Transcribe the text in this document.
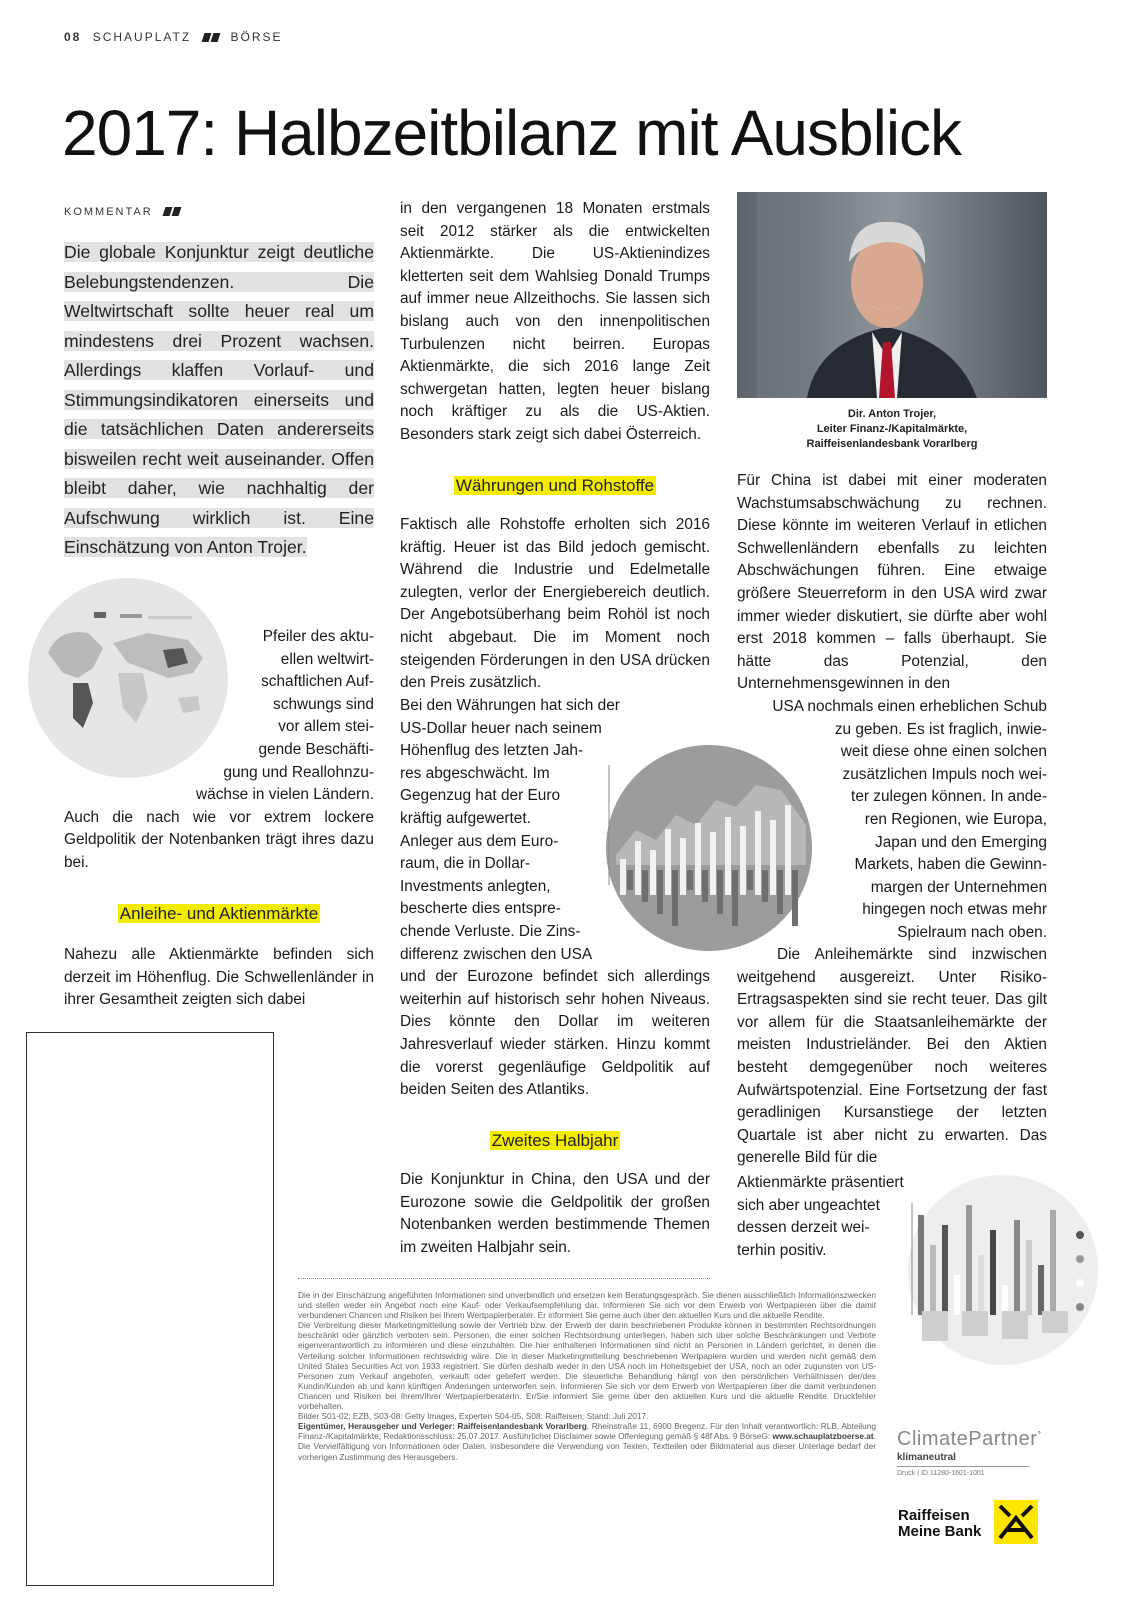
08 SCHAUPLATZ	BÖRSE
2017: Halbzeitbilanz mit Ausblick
KOMMENTAR
Die globale Konjunktur zeigt deutliche Belebungstendenzen. Die Weltwirtschaft sollte heuer real um mindestens drei Prozent wachsen. Allerdings klaffen Vorlauf- und Stimmungsindikatoren einerseits und die tatsächlichen Daten andererseits bisweilen recht weit auseinander. Offen bleibt daher, wie nachhaltig der Aufschwung wirklich ist. Eine Einschätzung von Anton Trojer.
Pfeiler des aktu-
ellen weltwirt-
schaftlichen Auf-
schwungs sind
vor allem stei-
gende Beschäfti-
gung und Reallohnzu-
wächse in vielen Ländern.
Auch die nach wie vor extrem lockere Geldpolitik der Notenbanken trägt ihres dazu bei.
Anleihe- und Aktienmärkte
Nahezu alle Aktienmärkte befinden sich derzeit im Höhenflug. Die Schwellenländer in ihrer Gesamtheit zeigten sich dabei
in den vergangenen 18 Monaten erstmals seit 2012 stärker als die entwickelten Aktienmärkte. Die US-Aktienindizes kletterten seit dem Wahlsieg Donald Trumps auf immer neue Allzeithochs. Sie lassen sich bislang auch von den innenpolitischen Turbulenzen nicht beirren. Europas Aktienmärkte, die sich 2016 lange Zeit schwergetan hatten, legten heuer bislang noch kräftiger zu als die US-Aktien. Besonders stark zeigt sich dabei Österreich.
Währungen und Rohstoffe
Faktisch alle Rohstoffe erholten sich 2016 kräftig. Heuer ist das Bild jedoch gemischt. Während die Industrie und Edelmetalle zulegten, verlor der Energiebereich deutlich. Der Angebotsüberhang beim Rohöl ist noch nicht abgebaut. Die im Moment noch steigenden Förderungen in den USA drücken den Preis zusätzlich.
Bei den Währungen hat sich der
US-Dollar heuer nach seinem
Höhenflug des letzten Jah-
res abgeschwächt. Im
Gegenzug hat der Euro
kräftig aufgewertet.
Anleger aus dem Euro-
raum, die in Dollar-
Investments anlegten,
bescherte dies entspre-
chende Verluste. Die Zins-
differenz zwischen den USA
und der Eurozone befindet sich allerdings weiterhin auf historisch sehr hohen Niveaus. Dies könnte den Dollar im weiteren Jahresverlauf wieder stärken. Hinzu kommt die vorerst gegenläufige Geldpolitik auf beiden Seiten des Atlantiks.
Zweites Halbjahr
Die Konjunktur in China, den USA und der Eurozone sowie die Geldpolitik der großen Notenbanken werden bestimmende Themen im zweiten Halbjahr sein.
Dir. Anton Trojer,
Leiter Finanz-/Kapitalmärkte,
Raiffeisenlandesbank Vorarlberg
Für China ist dabei mit einer moderaten Wachstumsabschwächung zu rechnen. Diese könnte im weiteren Verlauf in etlichen Schwellenländern ebenfalls zu leichten Abschwächungen führen. Eine etwaige größere Steuerreform in den USA wird zwar immer wieder diskutiert, sie dürfte aber wohl erst 2018 kommen – falls überhaupt. Sie hätte das Potenzial, den Unternehmensgewinnen in den
USA nochmals einen erheblichen Schub
zu geben. Es ist fraglich, inwie-
weit diese ohne einen solchen
zusätzlichen Impuls noch wei-
ter zulegen können. In ande-
ren Regionen, wie Europa,
Japan und den Emerging
Markets, haben die Gewinn-
margen der Unternehmen
hingegen noch etwas mehr
Spielraum nach oben.
Die Anleihemärkte sind inzwischen weitgehend ausgereizt. Unter Risiko-Ertragsaspekten sind sie recht teuer. Das gilt vor allem für die Staatsanleihemärkte der meisten Industrieländer. Bei den Aktien besteht demgegenüber noch weiteres Aufwärtspotenzial. Eine Fortsetzung der fast geradlinigen Kursanstiege der letzten Quartale ist aber nicht zu erwarten. Das generelle Bild für die
Aktienmärkte präsentiert
sich aber ungeachtet
dessen derzeit wei-
terhin positiv.

Die in der Einschätzung angeführten Informationen sind unverbindlich und ersetzen kein Beratungsgespräch. Sie dienen ausschließlich Informationszwecken und stellen weder ein Angebot noch eine Kauf- oder Verkaufsempfehlung dar. Informieren Sie sich vor dem Erwerb von Wertpapieren über die damit verbundenen Chancen und Risiken bei Ihrem Wertpapierberater. Er informiert Sie gerne auch über den aktuellen Kurs und die aktuelle Rendite.

Die Verbreitung dieser Marketingmitteilung sowie der Vertrieb bzw. der Erwerb der darin beschriebenen Produkte können in bestimmten Rechtsordnungen beschränkt oder gänzlich verboten sein. Personen, die einer solchen Rechtsordnung unterliegen, haben sich über solche Beschränkungen und Verbote eigenverantwortlich zu informieren und diese einzuhalten. Die hier enthaltenen Informationen sind nicht an Personen in Ländern gerichtet, in denen die Verteilung solcher Informationen rechtswidrig wäre. Die in dieser Marketingmitteilung beschriebenen Wertpapiere wurden und werden nicht gemäß dem United States Securities Act von 1933 registriert. Sie dürfen deshalb weder in den USA noch im Hoheitsgebiet der USA, noch an oder zugunsten von US-Personen zum Verkauf angeboten, verkauft oder geliefert werden. Die steuerliche Behandlung hängt von den persönlichen Verhältnissen der/des Kundin/Kunden ab und kann künftigen Änderungen unterworfen sein. Informieren Sie sich vor dem Erwerb von Wertpapieren über die damit verbundenen Chancen und Risiken bei Ihrem/Ihrer WertpapierberaterIn. Er/Sie informiert Sie gerne über den aktuellen Kurs und die aktuelle Rendite. Druckfehler vorbehalten.

Bilder S01-02: EZB, S03-08: Getty Images, Experten S04-05, S08: Raiffeisen; Stand: Juli 2017.

Eigentümer, Herausgeber und Verleger: Raiffeisenlandesbank Vorarlberg, Rheinstraße 11, 6900 Bregenz. Für den Inhalt verantwortlich: RLB, Abteilung Finanz-/Kapitalmärkte; Redaktionsschluss: 25.07.2017. Ausführlicher Disclaimer sowie Offenlegung gemäß § 48f Abs. 9 BörseG: www.schauplatzboerse.at. Die Vervielfältigung von Informationen oder Daten, insbesondere die Verwendung von Texten, Textteilen oder Bildmaterial aus dieser Unterlage bedarf der vorherigen Zustimmung des Herausgebers.

ClimatePartner°
klimaneutral
Druck | ID 11280-1601-1001
Raiffeisen
Meine Bank
